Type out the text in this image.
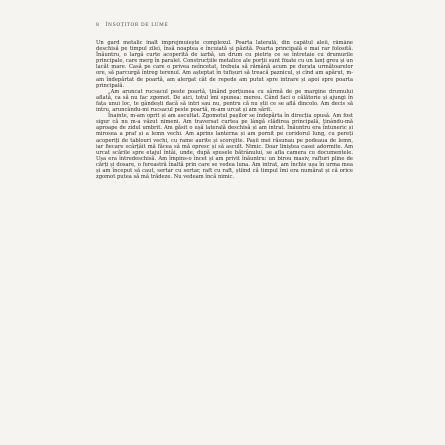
8 ÎNSOȚITOR DE LUME

Un gard metalic înalt împrejmuiește complexul. Poarta laterală, din capătul aleii, rămâne deschisă pe timpul zilei, însă noaptea e încuiată și păzită. Poarta principală e mai rar folosită. Înăuntru, o largă curte acoperită de iarbă, un drum cu pietriș ce se întretaie cu drumurile principale, care merg în paralel. Construcțiile metalice ale porții sunt fixate cu un lanț greu și un lacăt mare. Casă pe care o privea neîncetat, trebuia să rămână acum pe durata următoarelor ore, să parcurgă întreg terenul. Am așteptat în tufișuri să treacă paznicul, și cînd am apărut, m-am îndepărtat de poartă, am alergat cât de repede am putut spre intrare și apoi spre poarta principală.

„Am aruncat rucsacul peste poartă, ținând porțiunea cu sârmă de pe margine drumului aflată, ca să nu fac zgomot. De aici, totul îmi spunea: mereu. Când faci o călătorie și ajungi în fața unui loc, te gândești dacă să intri sau nu, pentru că nu știi ce se află dincolo. Am decis să intru, aruncându-mi rucsacul peste poartă, m-am urcat și am sărit.

Înainte, m-am oprit și am ascultat. Zgomotul pașilor se îndepărta în direcția opusă. Am fost sigur că nu m-a văzut nimeni. Am traversat curtea pe lângă clădirea principală, ținându-mă aproape de zidul umbrit. Am găsit o ușă laterală deschisă și am intrat. Înăuntru era întuneric și mirosea a praf și a lemn vechi. Am aprins lanterna și am pornit pe coridorul lung, cu pereți acoperiți de tablouri vechi, cu rame aurite și scorojite. Pașii mei răsunau pe podeaua de lemn, iar fiecare scârțâit mă făcea să mă opresc și să ascult. Nimic. Doar liniștea casei adormite. Am urcat scările spre etajul întâi, unde, după spusele bătrânului, se afla camera cu documentele. Ușa era întredeschisă. Am împins-o încet și am privit înăuntru: un birou masiv, rafturi pline de cărți și dosare, o fereastră înaltă prin care se vedea luna. Am intrat, am închis ușa în urma mea și am început să caut, sertar cu sertar, raft cu raft, știind că timpul îmi era numărat și că orice zgomot putea să mă trădeze. Nu vedeam încă nimic.
